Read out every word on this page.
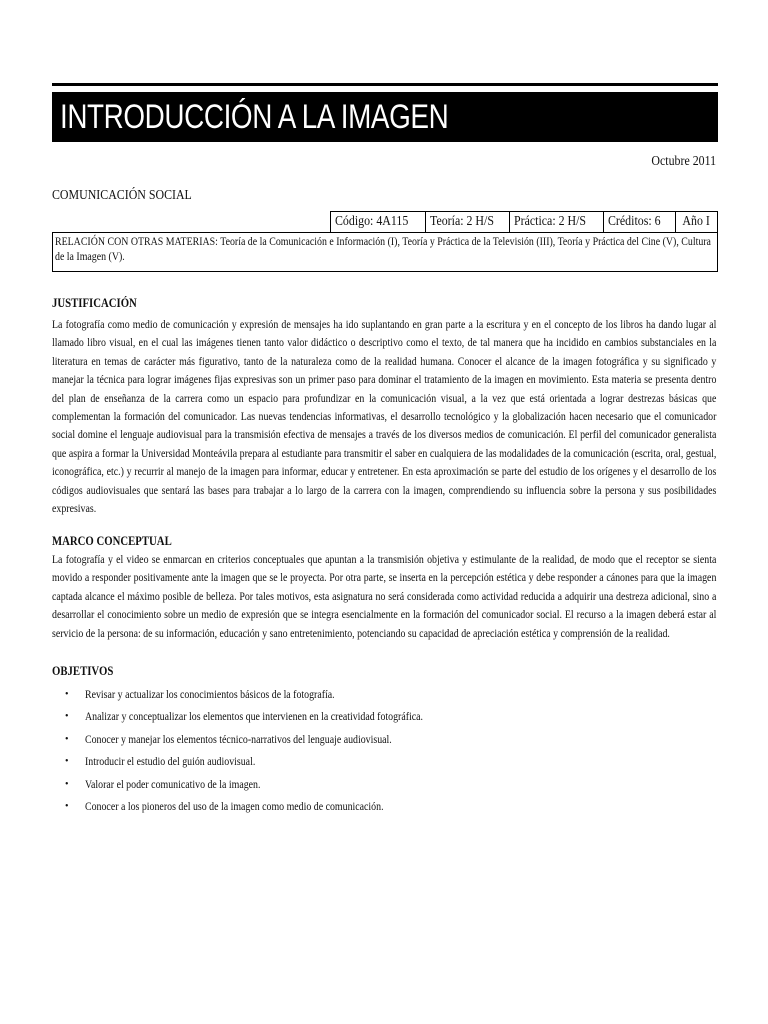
INTRODUCCIÓN A LA IMAGEN
Octubre 2011
COMUNICACIÓN SOCIAL
Código: 4A115	Teoría: 2 H/S	Práctica: 2 H/S	Créditos: 6	Año I
RELACIÓN CON OTRAS MATERIAS: Teoría de la Comunicación e Información (I), Teoría y Práctica de la Televisión (III), Teoría y Práctica del Cine (V), Cultura de la Imagen (V).
JUSTIFICACIÓN
La fotografía como medio de comunicación y expresión de mensajes ha ido suplantando en gran parte a la escritura y en el concepto de los libros ha dando lugar al llamado libro visual, en el cual las imágenes tienen tanto valor didáctico o descriptivo como el texto, de tal manera que ha incidido en cambios substanciales en la literatura en temas de carácter más figurativo, tanto de la naturaleza como de la realidad humana. Conocer el alcance de la imagen fotográfica y su significado y manejar la técnica para lograr imágenes fijas expresivas son un primer paso para dominar el tratamiento de la imagen en movimiento. Esta materia se presenta dentro del plan de enseñanza de la carrera como un espacio para profundizar en la comunicación visual, a la vez que está orientada a lograr destrezas básicas que complementan la formación del comunicador. Las nuevas tendencias informativas, el desarrollo tecnológico y la globalización hacen necesario que el comunicador social domine el lenguaje audiovisual para la transmisión efectiva de mensajes a través de los diversos medios de comunicación. El perfil del comunicador generalista que aspira a formar la Universidad Monteávila prepara al estudiante para transmitir el saber en cualquiera de las modalidades de la comunicación (escrita, oral, gestual, iconográfica, etc.) y recurrir al manejo de la imagen para informar, educar y entretener. En esta aproximación se parte del estudio de los orígenes y el desarrollo de los códigos audiovisuales que sentará las bases para trabajar a lo largo de la carrera con la imagen, comprendiendo su influencia sobre la persona y sus posibilidades expresivas.
MARCO CONCEPTUAL
La fotografía y el video se enmarcan en criterios conceptuales que apuntan a la transmisión objetiva y estimulante de la realidad, de modo que el receptor se sienta movido a responder positivamente ante la imagen que se le proyecta. Por otra parte, se inserta en la percepción estética y debe responder a cánones para que la imagen captada alcance el máximo posible de belleza. Por tales motivos, esta asignatura no será considerada como actividad reducida a adquirir una destreza adicional, sino a desarrollar el conocimiento sobre un medio de expresión que se integra esencialmente en la formación del comunicador social. El recurso a la imagen deberá estar al servicio de la persona: de su información, educación y sano entretenimiento, potenciando su capacidad de apreciación estética y comprensión de la realidad.
OBJETIVOS
• Revisar y actualizar los conocimientos básicos de la fotografía.
• Analizar y conceptualizar los elementos que intervienen en la creatividad fotográfica.
• Conocer y manejar los elementos técnico-narrativos del lenguaje audiovisual.
• Introducir el estudio del guión audiovisual.
• Valorar el poder comunicativo de la imagen.
• Conocer a los pioneros del uso de la imagen como medio de comunicación.
